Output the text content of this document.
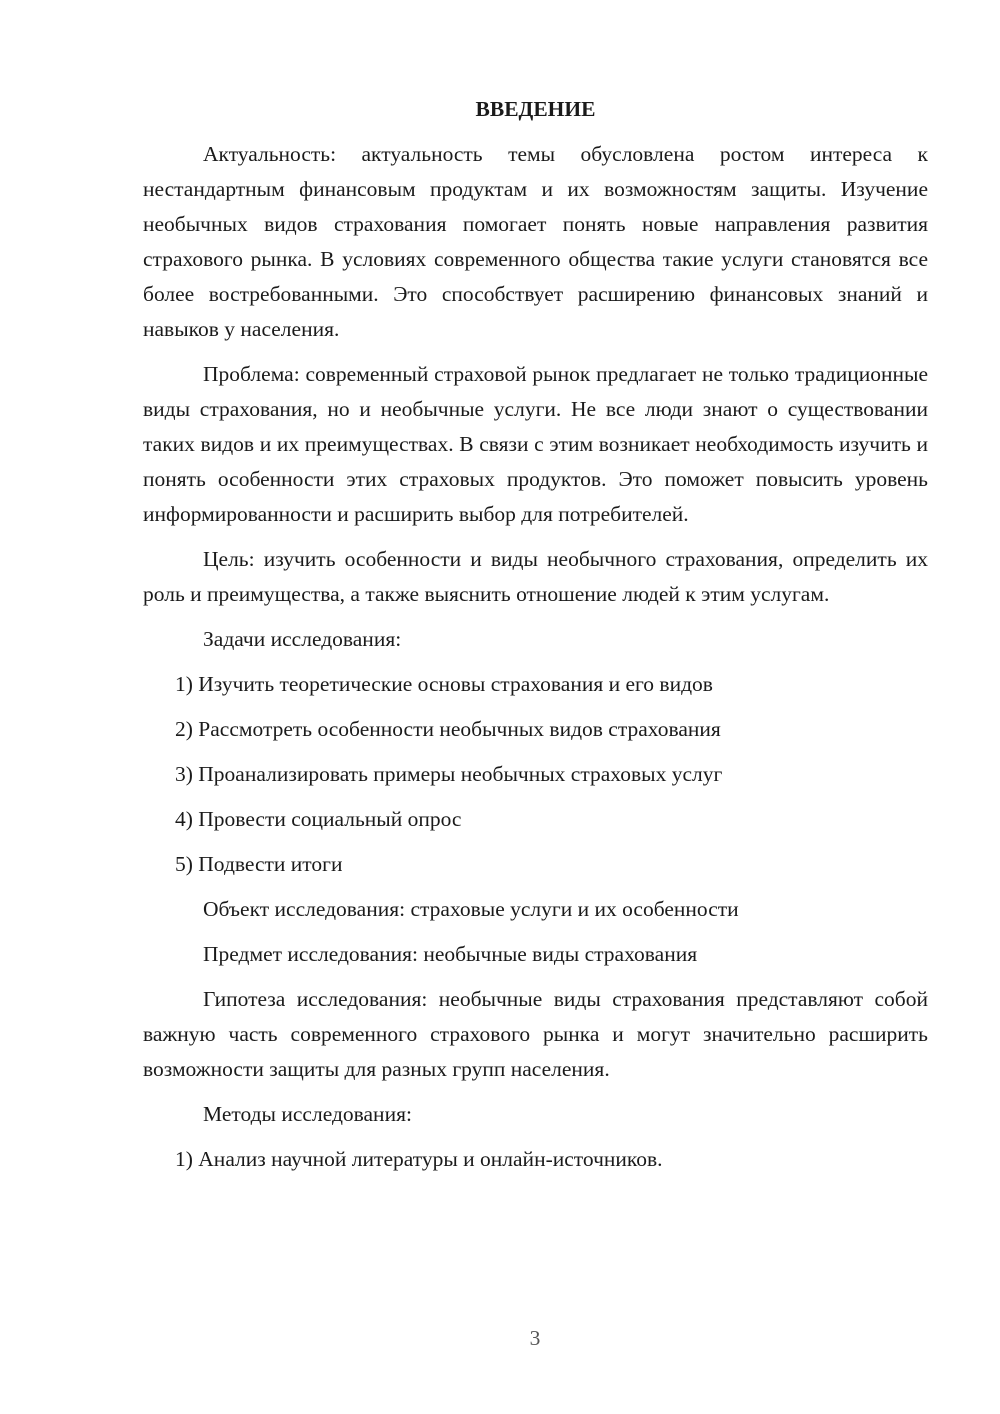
ВВЕДЕНИЕ

Актуальность: актуальность темы обусловлена ростом интереса к нестандартным финансовым продуктам и их возможностям защиты. Изучение необычных видов страхования помогает понять новые направления развития страхового рынка. В условиях современного общества такие услуги становятся все более востребованными. Это способствует расширению финансовых знаний и навыков у населения.

Проблема: современный страховой рынок предлагает не только традиционные виды страхования, но и необычные услуги. Не все люди знают о существовании таких видов и их преимуществах. В связи с этим возникает необходимость изучить и понять особенности этих страховых продуктов. Это поможет повысить уровень информированности и расширить выбор для потребителей.

Цель: изучить особенности и виды необычного страхования, определить их роль и преимущества, а также выяснить отношение людей к этим услугам.

Задачи исследования:
1) Изучить теоретические основы страхования и его видов
2) Рассмотреть особенности необычных видов страхования
3) Проанализировать примеры необычных страховых услуг
4) Провести социальный опрос
5) Подвести итоги
Объект исследования: страховые услуги и их особенности
Предмет исследования: необычные виды страхования

Гипотеза исследования: необычные виды страхования представляют собой важную часть современного страхового рынка и могут значительно расширить возможности защиты для разных групп населения.

Методы исследования:
1) Анализ научной литературы и онлайн-источников.
3
